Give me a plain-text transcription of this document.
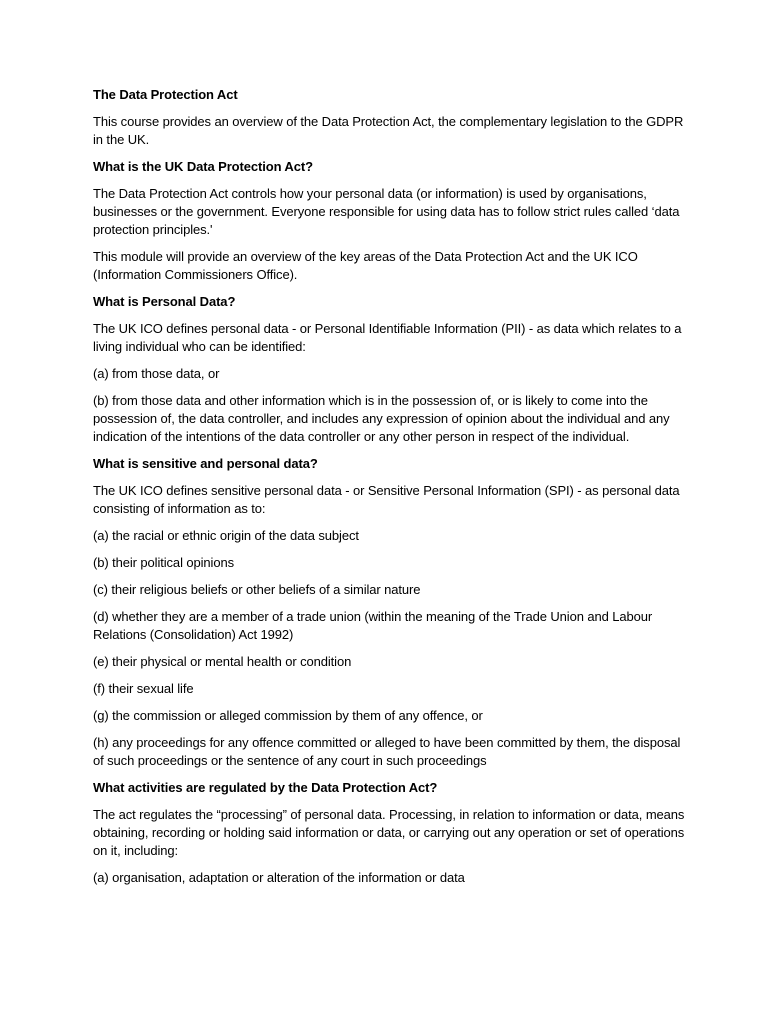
The Data Protection Act

This course provides an overview of the Data Protection Act, the complementary legislation to the GDPR in the UK.

What is the UK Data Protection Act?

The Data Protection Act controls how your personal data (or information) is used by organisations, businesses or the government. Everyone responsible for using data has to follow strict rules called ‘data protection principles.'

This module will provide an overview of the key areas of the Data Protection Act and the UK ICO (Information Commissioners Office).

What is Personal Data?

The UK ICO defines personal data - or Personal Identifiable Information (PII) - as data which relates to a living individual who can be identified:

(a) from those data, or

(b) from those data and other information which is in the possession of, or is likely to come into the possession of, the data controller, and includes any expression of opinion about the individual and any indication of the intentions of the data controller or any other person in respect of the individual.

What is sensitive and personal data?

The UK ICO defines sensitive personal data - or Sensitive Personal Information (SPI) - as personal data consisting of information as to:

(a) the racial or ethnic origin of the data subject

(b) their political opinions

(c) their religious beliefs or other beliefs of a similar nature

(d) whether they are a member of a trade union (within the meaning of the Trade Union and Labour Relations (Consolidation) Act 1992)

(e) their physical or mental health or condition

(f) their sexual life

(g) the commission or alleged commission by them of any offence, or

(h) any proceedings for any offence committed or alleged to have been committed by them, the disposal of such proceedings or the sentence of any court in such proceedings

What activities are regulated by the Data Protection Act?

The act regulates the “processing” of personal data. Processing, in relation to information or data, means obtaining, recording or holding said information or data, or carrying out any operation or set of operations on it, including:

(a) organisation, adaptation or alteration of the information or data
